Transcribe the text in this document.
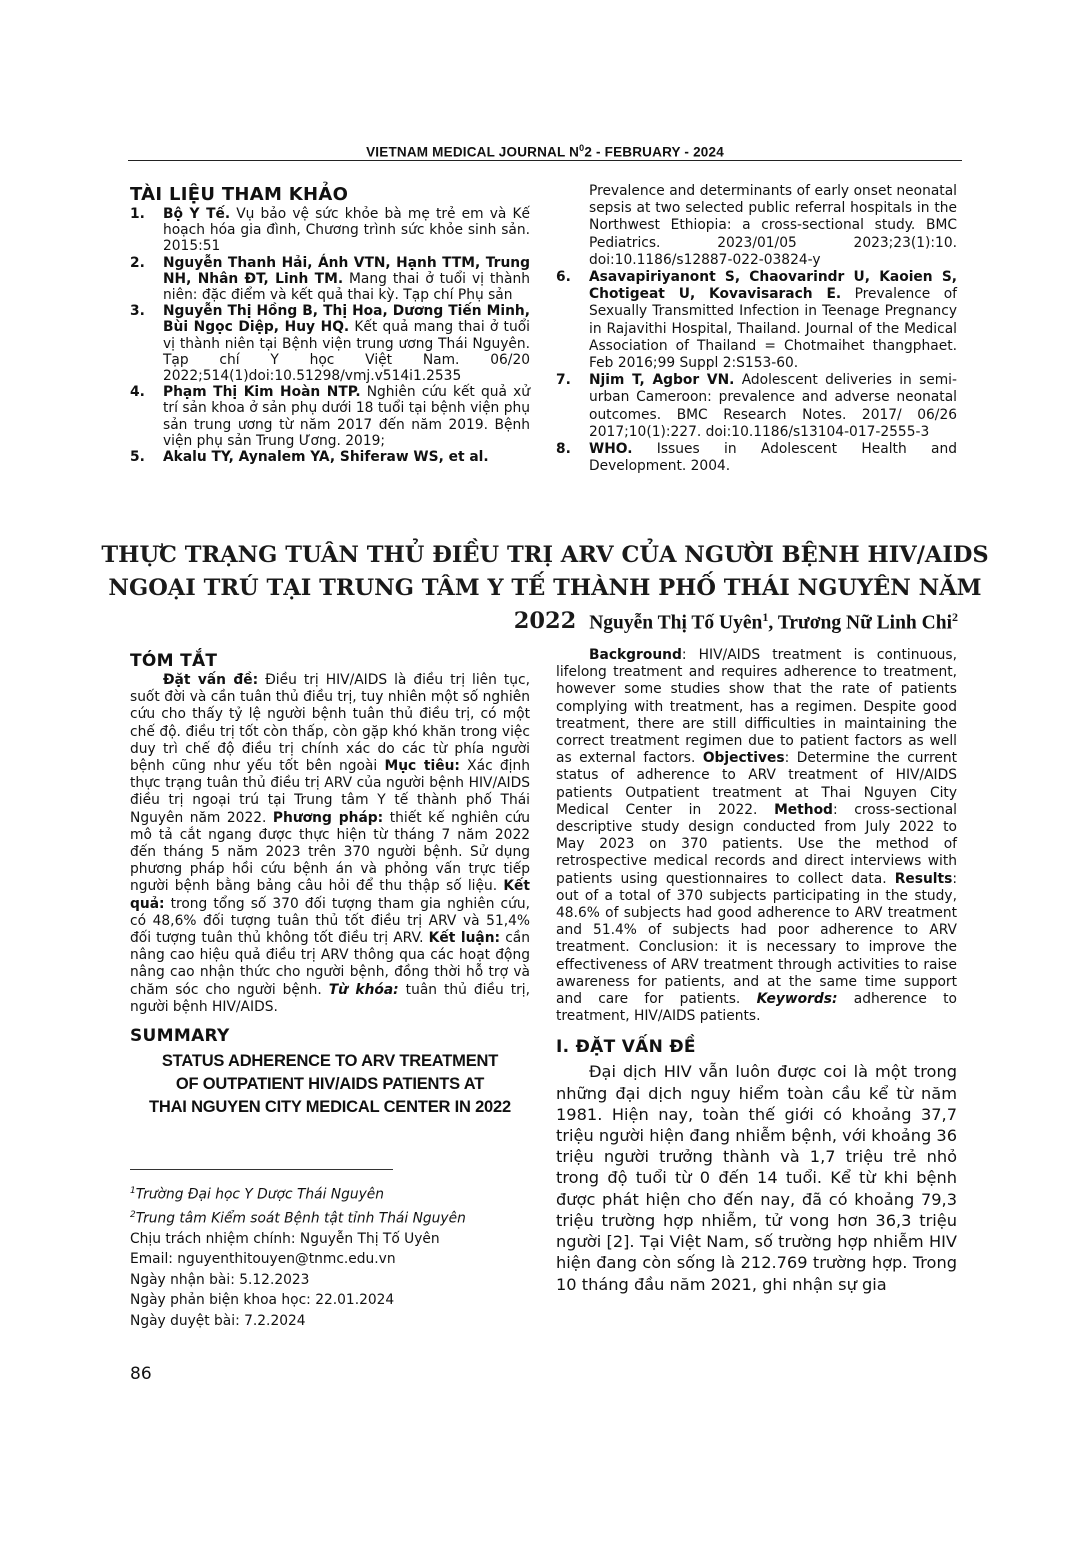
VIETNAM MEDICAL JOURNAL $N^02$ - FEBRUARY - 2024
TÀI LIỆU THAM KHẢO
1. Bộ Y Tế. Vụ bảo vệ sức khỏe bà mẹ trẻ em và Kế hoạch hóa gia đình, Chương trình sức khỏe sinh sản. 2015:51
2. Nguyễn Thanh Hải, Ánh VTN, Hạnh TTM, Trung NH, Nhân ĐT, Linh TM. Mang thai ở tuổi vị thành niên: đặc điểm và kết quả thai kỳ. Tạp chí Phụ sản
3. Nguyễn Thị Hồng B, Thị Hoa, Dương Tiến Minh, Bùi Ngọc Diệp, Huy HQ. Kết quả mang thai ở tuổi vị thành niên tại Bệnh viện trung ương Thái Nguyên. Tạp chí Y học Việt Nam. 06/20 2022;514(1)doi:10.51298/vmj.v514i1.2535
4. Phạm Thị Kim Hoàn NTP. Nghiên cứu kết quả xử trí sản khoa ở sản phụ dưới 18 tuổi tại bệnh viện phụ sản trung ương từ năm 2017 đến năm 2019. Bệnh viện phụ sản Trung Ương. 2019;
5. Akalu TY, Aynalem YA, Shiferaw WS, et al.
Prevalence and determinants of early onset neonatal sepsis at two selected public referral hospitals in the Northwest Ethiopia: a cross-sectional study. BMC Pediatrics. 2023/01/05 2023;23(1):10. doi:10.1186/s12887-022-03824-y
6. Asavapiriyanont S, Chaovarindr U, Kaoien S, Chotigeat U, Kovavisarach E. Prevalence of Sexually Transmitted Infection in Teenage Pregnancy in Rajavithi Hospital, Thailand. Journal of the Medical Association of Thailand = Chotmaihet thangphaet. Feb 2016;99 Suppl 2:S153-60.
7. Njim T, Agbor VN. Adolescent deliveries in semi-urban Cameroon: prevalence and adverse neonatal outcomes. BMC Research Notes. 2017/ 06/26 2017;10(1):227. doi:10.1186/s13104-017-2555-3
8. WHO. Issues in Adolescent Health and Development. 2004.
THỰC TRẠNG TUÂN THỦ ĐIỀU TRỊ ARV CỦA NGƯỜI BỆNH HIV/AIDS
NGOẠI TRÚ TẠI TRUNG TÂM Y TẾ THÀNH PHỐ THÁI NGUYÊN NĂM 2022 Nguyễn Thị Tố Uyên$^1$, Trương Nữ Linh Chi$^2$
TÓM TẮT
Đặt vấn đề: Điều trị HIV/AIDS là điều trị liên tục, suốt đời và cần tuân thủ điều trị, tuy nhiên một số nghiên cứu cho thấy tỷ lệ người bệnh tuân thủ điều trị, có một chế độ. điều trị tốt còn thấp, còn gặp khó khăn trong việc duy trì chế độ điều trị chính xác do các từ phía người bệnh cũng như yếu tốt bên ngoài Mục tiêu: Xác định thực trạng tuân thủ điều trị ARV của người bệnh HIV/AIDS điều trị ngoại trú tại Trung tâm Y tế thành phố Thái Nguyên năm 2022. Phương pháp: thiết kế nghiên cứu mô tả cắt ngang được thực hiện từ tháng 7 năm 2022 đến tháng 5 năm 2023 trên 370 người bệnh. Sử dụng phương pháp hồi cứu bệnh án và phỏng vấn trực tiếp người bệnh bằng bảng câu hỏi để thu thập số liệu. Kết quả: trong tổng số 370 đối tượng tham gia nghiên cứu, có 48,6% đối tượng tuân thủ tốt điều trị ARV và 51,4% đối tượng tuân thủ không tốt điều trị ARV. Kết luận: cần nâng cao hiệu quả điều trị ARV thông qua các hoạt động nâng cao nhận thức cho người bệnh, đồng thời hỗ trợ và chăm sóc cho người bệnh. Từ khóa: tuân thủ điều trị, người bệnh HIV/AIDS.
SUMMARY
STATUS ADHERENCE TO ARV TREATMENT
OF OUTPATIENT HIV/AIDS PATIENTS AT
THAI NGUYEN CITY MEDICAL CENTER IN 2022
Background: HIV/AIDS treatment is continuous, lifelong treatment and requires adherence to treatment, however some studies show that the rate of patients complying with treatment, has a regimen. Despite good treatment, there are still difficulties in maintaining the correct treatment regimen due to patient factors as well as external factors. Objectives: Determine the current status of adherence to ARV treatment of HIV/AIDS patients Outpatient treatment at Thai Nguyen City Medical Center in 2022. Method: cross-sectional descriptive study design conducted from July 2022 to May 2023 on 370 patients. Use the method of retrospective medical records and direct interviews with patients using questionnaires to collect data. Results: out of a total of 370 subjects participating in the study, 48.6% of subjects had good adherence to ARV treatment and 51.4% of subjects had poor adherence to ARV treatment. Conclusion: it is necessary to improve the effectiveness of ARV treatment through activities to raise awareness for patients, and at the same time support and care for patients. Keywords: adherence to treatment, HIV/AIDS patients.
I. ĐẶT VẤN ĐỀ
Đại dịch HIV vẫn luôn được coi là một trong những đại dịch nguy hiểm toàn cầu kể từ năm 1981. Hiện nay, toàn thế giới có khoảng 37,7 triệu người hiện đang nhiễm bệnh, với khoảng 36 triệu người trưởng thành và 1,7 triệu trẻ nhỏ trong độ tuổi từ 0 đến 14 tuổi. Kể từ khi bệnh được phát hiện cho đến nay, đã có khoảng 79,3 triệu trường hợp nhiễm, tử vong hơn 36,3 triệu người [2]. Tại Việt Nam, số trường hợp nhiễm HIV hiện đang còn sống là 212.769 trường hợp. Trong 10 tháng đầu năm 2021, ghi nhận sự gia
$^1$Trường Đại học Y Dược Thái Nguyên
$^2$Trung tâm Kiểm soát Bệnh tật tỉnh Thái Nguyên
Chịu trách nhiệm chính: Nguyễn Thị Tố Uyên
Email: nguyenthitouyen@tnmc.edu.vn
Ngày nhận bài: 5.12.2023
Ngày phản biện khoa học: 22.01.2024
Ngày duyệt bài: 7.2.2024
86
